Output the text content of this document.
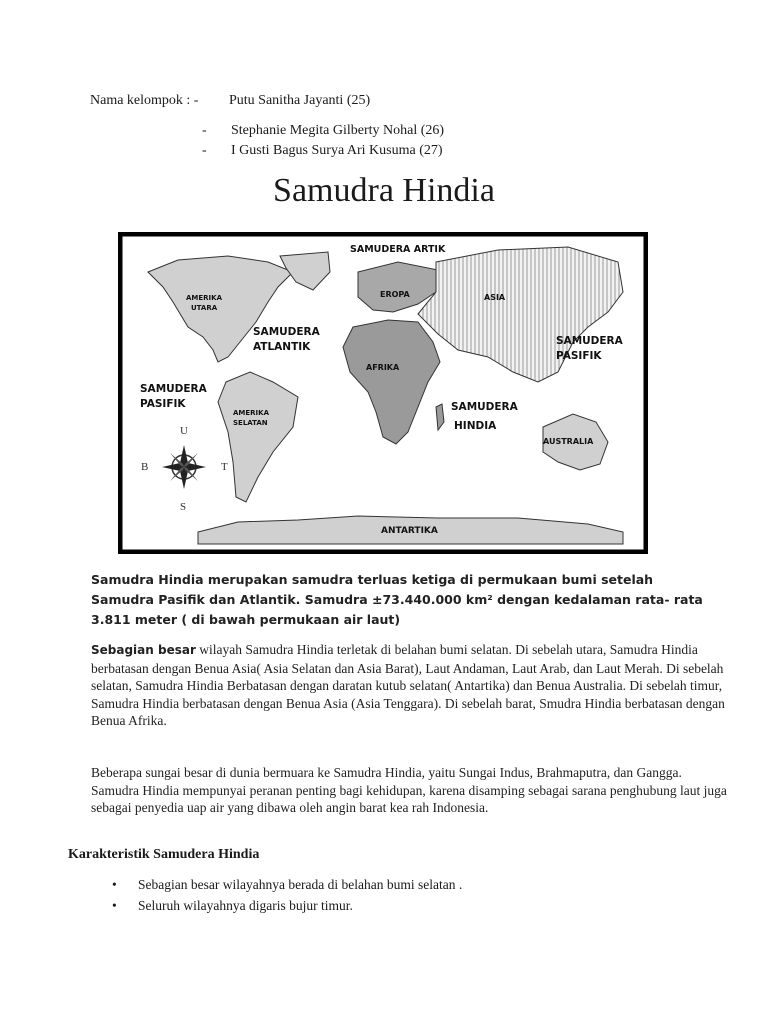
Nama kelompok : - Putu Sanitha Jayanti (25)
- Stephanie Megita Gilberty Nohal (26)
- I Gusti Bagus Surya Ari Kusuma (27)
Samudra Hindia
U
S
T
B
SAMUDERA ARTIK
AMERIKA
UTARA
EROPA	ASIA
SAMUDERA
ATLANTIK
AFRIKA
SAMUDERA
PASIFIK
SAMUDERA
PASIFIK
AMERIKA
SELATAN
SAMUDERA
HINDIA
AUSTRALIA
ANTARTIKA
Samudra Hindia merupakan samudra terluas ketiga di permukaan bumi setelah Samudra Pasifik dan Atlantik. Samudra ±73.440.000 km² dengan kedalaman rata- rata 3.811 meter ( di bawah permukaan air laut)
Sebagian besar wilayah Samudra Hindia terletak di belahan bumi selatan. Di sebelah utara, Samudra Hindia berbatasan dengan Benua Asia( Asia Selatan dan Asia Barat), Laut Andaman, Laut Arab, dan Laut Merah. Di sebelah selatan, Samudra Hindia Berbatasan dengan daratan kutub selatan( Antartika) dan Benua Australia. Di sebelah timur, Samudra Hindia berbatasan dengan Benua Asia (Asia Tenggara). Di sebelah barat, Smudra Hindia berbatasan dengan Benua Afrika.
Beberapa sungai besar di dunia bermuara ke Samudra Hindia, yaitu Sungai Indus, Brahmaputra, dan Gangga. Samudra Hindia mempunyai peranan penting bagi kehidupan, karena disamping sebagai sarana penghubung laut juga sebagai penyedia uap air yang dibawa oleh angin barat kea rah Indonesia.
Karakteristik Samudera Hindia
• Sebagian besar wilayahnya berada di belahan bumi selatan .
• Seluruh wilayahnya digaris bujur timur.
